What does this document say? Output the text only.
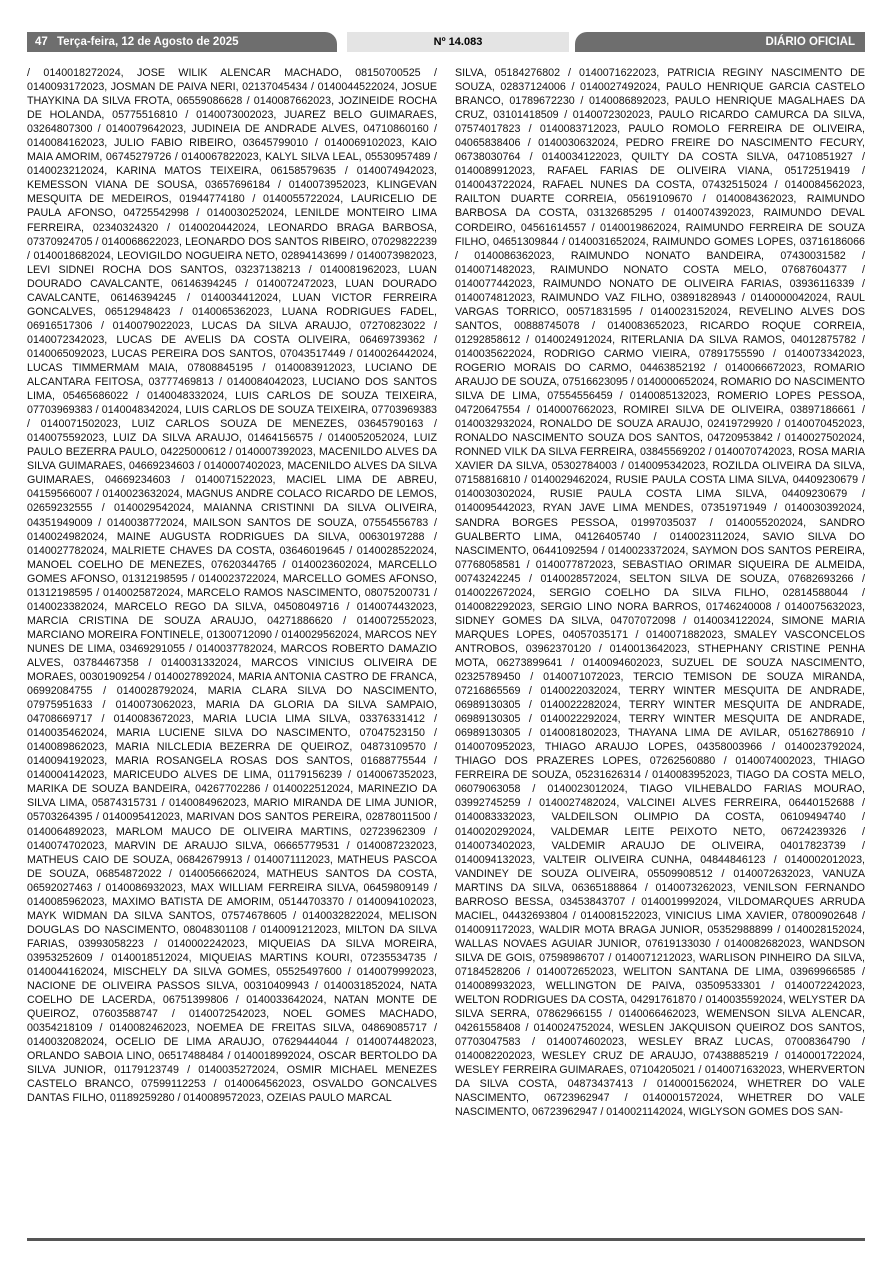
47 Terça-feira, 12 de Agosto de 2025	Nº 14.083	DIÁRIO OFICIAL
/ 0140018272024, JOSE WILIK ALENCAR MACHADO, 08150700525 / 0140093172023, JOSMAN DE PAIVA NERI, 02137045434 / 0140044522024, JOSUE THAYKINA DA SILVA FROTA, 06559086628 / 0140087662023, JOZINEIDE ROCHA DE HOLANDA, 05775516810 / 0140073002023, JUAREZ BELO GUIMARAES, 03264807300 / 0140079642023, JUDINEIA DE ANDRADE ALVES, 04710860160 / 0140084162023, JULIO FABIO RIBEIRO, 03645799010 / 0140069102023, KAIO MAIA AMORIM, 06745279726 / 0140067822023, KALYL SILVA LEAL, 05530957489 / 0140023212024, KARINA MATOS TEIXEIRA, 06158579635 / 0140074942023, KEMESSON VIANA DE SOUSA, 03657696184 / 0140073952023, KLINGEVAN MESQUITA DE MEDEIROS, 01944774180 / 0140055722024, LAURICELIO DE PAULA AFONSO, 04725542998 / 0140030252024, LENILDE MONTEIRO LIMA FERREIRA, 02340324320 / 0140020442024, LEONARDO BRAGA BARBOSA, 07370924705 / 0140068622023, LEONARDO DOS SANTOS RIBEIRO, 07029822239 / 0140018682024, LEOVIGILDO NOGUEIRA NETO, 02894143699 / 0140073982023, LEVI SIDNEI ROCHA DOS SANTOS, 03237138213 / 0140081962023, LUAN DOURADO CAVALCANTE, 06146394245 / 0140072472023, LUAN DOURADO CAVALCANTE, 06146394245 / 0140034412024, LUAN VICTOR FERREIRA GONCALVES, 06512948423 / 0140065362023, LUANA RODRIGUES FADEL, 06916517306 / 0140079022023, LUCAS DA SILVA ARAUJO, 07270823022 / 0140072342023, LUCAS DE AVELIS DA COSTA OLIVEIRA, 06469739362 / 0140065092023, LUCAS PEREIRA DOS SANTOS, 07043517449 / 0140026442024, LUCAS TIMMERMAM MAIA, 07808845195 / 0140083912023, LUCIANO DE ALCANTARA FEITOSA, 03777469813 / 0140084042023, LUCIANO DOS SANTOS LIMA, 05465686022 / 0140048332024, LUIS CARLOS DE SOUZA TEIXEIRA, 07703969383 / 0140048342024, LUIS CARLOS DE SOUZA TEIXEIRA, 07703969383 / 0140071502023, LUIZ CARLOS SOUZA DE MENEZES, 03645790163 / 0140075592023, LUIZ DA SILVA ARAUJO, 01464156575 / 0140052052024, LUIZ PAULO BEZERRA PAULO, 04225000612 / 0140007392023, MACENILDO ALVES DA SILVA GUIMARAES, 04669234603 / 0140007402023, MACENILDO ALVES DA SILVA GUIMARAES, 04669234603 / 0140071522023, MACIEL LIMA DE ABREU, 04159566007 / 0140023632024, MAGNUS ANDRE COLACO RICARDO DE LEMOS, 02659232555 / 0140029542024, MAIANNA CRISTINNI DA SILVA OLIVEIRA, 04351949009 / 0140038772024, MAILSON SANTOS DE SOUZA, 07554556783 / 0140024982024, MAINE AUGUSTA RODRIGUES DA SILVA, 00630197288 / 0140027782024, MALRIETE CHAVES DA COSTA, 03646019645 / 0140028522024, MANOEL COELHO DE MENEZES, 07620344765 / 0140023602024, MARCELLO GOMES AFONSO, 01312198595 / 0140023722024, MARCELLO GOMES AFONSO, 01312198595 / 0140025872024, MARCELO RAMOS NASCIMENTO, 08075200731 / 0140023382024, MARCELO REGO DA SILVA, 04508049716 / 0140074432023, MARCIA CRISTINA DE SOUZA ARAUJO, 04271886620 / 0140072552023, MARCIANO MOREIRA FONTINELE, 01300712090 / 0140029562024, MARCOS NEY NUNES DE LIMA, 03469291055 / 0140037782024, MARCOS ROBERTO DAMAZIO ALVES, 03784467358 / 0140031332024, MARCOS VINICIUS OLIVEIRA DE MORAES, 00301909254 / 0140027892024, MARIA ANTONIA CASTRO DE FRANCA, 06992084755 / 0140028792024, MARIA CLARA SILVA DO NASCIMENTO, 07975951633 / 0140073062023, MARIA DA GLORIA DA SILVA SAMPAIO, 04708669717 / 0140083672023, MARIA LUCIA LIMA SILVA, 03376331412 / 0140035462024, MARIA LUCIENE SILVA DO NASCIMENTO, 07047523150 / 0140089862023, MARIA NILCLEDIA BEZERRA DE QUEIROZ, 04873109570 / 0140094192023, MARIA ROSANGELA ROSAS DOS SANTOS, 01688775544 / 0140004142023, MARICEUDO ALVES DE LIMA, 01179156239 / 0140067352023, MARIKA DE SOUZA BANDEIRA, 04267702286 / 0140022512024, MARINEZIO DA SILVA LIMA, 05874315731 / 0140084962023, MARIO MIRANDA DE LIMA JUNIOR, 05703264395 / 0140095412023, MARIVAN DOS SANTOS PEREIRA, 02878011500 / 0140064892023, MARLOM MAUCO DE OLIVEIRA MARTINS, 02723962309 / 0140074702023, MARVIN DE ARAUJO SILVA, 06665779531 / 0140087232023, MATHEUS CAIO DE SOUZA, 06842679913 / 0140071112023, MATHEUS PASCOA DE SOUZA, 06854872022 / 0140056662024, MATHEUS SANTOS DA COSTA, 06592027463 / 0140086932023, MAX WILLIAM FERREIRA SILVA, 06459809149 / 0140085962023, MAXIMO BATISTA DE AMORIM, 05144703370 / 0140094102023, MAYK WIDMAN DA SILVA SANTOS, 07574678605 / 0140032822024, MELISON DOUGLAS DO NASCIMENTO, 08048301108 / 0140091212023, MILTON DA SILVA FARIAS, 03993058223 / 0140002242023, MIQUEIAS DA SILVA MOREIRA, 03953252609 / 0140018512024, MIQUEIAS MARTINS KOURI, 07235534735 / 0140044162024, MISCHELY DA SILVA GOMES, 05525497600 / 0140079992023, NACIONE DE OLIVEIRA PASSOS SILVA, 00310409943 / 0140031852024, NATA COELHO DE LACERDA, 06751399806 / 0140033642024, NATAN MONTE DE QUEIROZ, 07603588747 / 0140072542023, NOEL GOMES MACHADO, 00354218109 / 0140082462023, NOEMEA DE FREITAS SILVA, 04869085717 / 0140032082024, OCELIO DE LIMA ARAUJO, 07629444044 / 0140074482023, ORLANDO SABOIA LINO, 06517488484 / 0140018992024, OSCAR BERTOLDO DA SILVA JUNIOR, 01179123749 / 0140035272024, OSMIR MICHAEL MENEZES CASTELO BRANCO, 07599112253 / 0140064562023, OSVALDO GONCALVES DANTAS FILHO, 01189259280 / 0140089572023, OZEIAS PAULO MARCAL
SILVA, 05184276802 / 0140071622023, PATRICIA REGINY NASCIMENTO DE SOUZA, 02837124006 / 0140027492024, PAULO HENRIQUE GARCIA CASTELO BRANCO, 01789672230 / 0140086892023, PAULO HENRIQUE MAGALHAES DA CRUZ, 03101418509 / 0140072302023, PAULO RICARDO CAMURCA DA SILVA, 07574017823 / 0140083712023, PAULO ROMOLO FERREIRA DE OLIVEIRA, 04065838406 / 0140030632024, PEDRO FREIRE DO NASCIMENTO FECURY, 06738030764 / 0140034122023, QUILTY DA COSTA SILVA, 04710851927 / 0140089912023, RAFAEL FARIAS DE OLIVEIRA VIANA, 05172519419 / 0140043722024, RAFAEL NUNES DA COSTA, 07432515024 / 0140084562023, RAILTON DUARTE CORREIA, 05619109670 / 0140084362023, RAIMUNDO BARBOSA DA COSTA, 03132685295 / 0140074392023, RAIMUNDO DEVAL CORDEIRO, 04561614557 / 0140019862024, RAIMUNDO FERREIRA DE SOUZA FILHO, 04651309844 / 0140031652024, RAIMUNDO GOMES LOPES, 03716186066 / 0140086362023, RAIMUNDO NONATO BANDEIRA, 07430031582 / 0140071482023, RAIMUNDO NONATO COSTA MELO, 07687604377 / 0140077442023, RAIMUNDO NONATO DE OLIVEIRA FARIAS, 03936116339 / 0140074812023, RAIMUNDO VAZ FILHO, 03891828943 / 0140000042024, RAUL VARGAS TORRICO, 00571831595 / 0140023152024, REVELINO ALVES DOS SANTOS, 00888745078 / 0140083652023, RICARDO ROQUE CORREIA, 01292858612 / 0140024912024, RITERLANIA DA SILVA RAMOS, 04012875782 / 0140035622024, RODRIGO CARMO VIEIRA, 07891755590 / 0140073342023, ROGERIO MORAIS DO CARMO, 04463852192 / 0140066672023, ROMARIO ARAUJO DE SOUZA, 07516623095 / 0140000652024, ROMARIO DO NASCIMENTO SILVA DE LIMA, 07554556459 / 0140085132023, ROMERIO LOPES PESSOA, 04720647554 / 0140007662023, ROMIREI SILVA DE OLIVEIRA, 03897186661 / 0140032932024, RONALDO DE SOUZA ARAUJO, 02419729920 / 0140070452023, RONALDO NASCIMENTO SOUZA DOS SANTOS, 04720953842 / 0140027502024, RONNED VILK DA SILVA FERREIRA, 03845569202 / 0140070742023, ROSA MARIA XAVIER DA SILVA, 05302784003 / 0140095342023, ROZILDA OLIVEIRA DA SILVA, 07158816810 / 0140029462024, RUSIE PAULA COSTA LIMA SILVA, 04409230679 / 0140030302024, RUSIE PAULA COSTA LIMA SILVA, 04409230679 / 0140095442023, RYAN JAVE LIMA MENDES, 07351971949 / 0140030392024, SANDRA BORGES PESSOA, 01997035037 / 0140055202024, SANDRO GUALBERTO LIMA, 04126405740 / 0140023112024, SAVIO SILVA DO NASCIMENTO, 06441092594 / 0140023372024, SAYMON DOS SANTOS PEREIRA, 07768058581 / 0140077872023, SEBASTIAO ORIMAR SIQUEIRA DE ALMEIDA, 00743242245 / 0140028572024, SELTON SILVA DE SOUZA, 07682693266 / 0140022672024, SERGIO COELHO DA SILVA FILHO, 02814588044 / 0140082292023, SERGIO LINO NORA BARROS, 01746240008 / 0140075632023, SIDNEY GOMES DA SILVA, 04707072098 / 0140034122024, SIMONE MARIA MARQUES LOPES, 04057035171 / 0140071882023, SMALEY VASCONCELOS ANTROBOS, 03962370120 / 0140013642023, STHEPHANY CRISTINE PENHA MOTA, 06273899641 / 0140094602023, SUZUEL DE SOUZA NASCIMENTO, 02325789450 / 0140071072023, TERCIO TEMISON DE SOUZA MIRANDA, 07216865569 / 0140022032024, TERRY WINTER MESQUITA DE ANDRADE, 06989130305 / 0140022282024, TERRY WINTER MESQUITA DE ANDRADE, 06989130305 / 0140022292024, TERRY WINTER MESQUITA DE ANDRADE, 06989130305 / 0140081802023, THAYANA LIMA DE AVILAR, 05162786910 / 0140070952023, THIAGO ARAUJO LOPES, 04358003966 / 0140023792024, THIAGO DOS PRAZERES LOPES, 07262560880 / 0140074002023, THIAGO FERREIRA DE SOUZA, 05231626314 / 0140083952023, TIAGO DA COSTA MELO, 06079063058 / 0140023012024, TIAGO VILHEBALDO FARIAS MOURAO, 03992745259 / 0140027482024, VALCINEI ALVES FERREIRA, 06440152688 / 0140083332023, VALDEILSON OLIMPIO DA COSTA, 06109494740 / 0140020292024, VALDEMAR LEITE PEIXOTO NETO, 06724239326 / 0140073402023, VALDEMIR ARAUJO DE OLIVEIRA, 04017823739 / 0140094132023, VALTEIR OLIVEIRA CUNHA, 04844846123 / 0140002012023, VANDINEY DE SOUZA OLIVEIRA, 05509908512 / 0140072632023, VANUZA MARTINS DA SILVA, 06365188864 / 0140073262023, VENILSON FERNANDO BARROSO BESSA, 03453843707 / 0140019992024, VILDOMARQUES ARRUDA MACIEL, 04432693804 / 0140081522023, VINICIUS LIMA XAVIER, 07800902648 / 0140091172023, WALDIR MOTA BRAGA JUNIOR, 05352988899 / 0140028152024, WALLAS NOVAES AGUIAR JUNIOR, 07619133030 / 0140082682023, WANDSON SILVA DE GOIS, 07598986707 / 0140071212023, WARLISON PINHEIRO DA SILVA, 07184528206 / 0140072652023, WELITON SANTANA DE LIMA, 03969966585 / 0140089932023, WELLINGTON DE PAIVA, 03509533301 / 0140072242023, WELTON RODRIGUES DA COSTA, 04291761870 / 0140035592024, WELYSTER DA SILVA SERRA, 07862966155 / 0140066462023, WEMENSON SILVA ALENCAR, 04261558408 / 0140024752024, WESLEN JAKQUISON QUEIROZ DOS SANTOS, 07703047583 / 0140074602023, WESLEY BRAZ LUCAS, 07008364790 / 0140082202023, WESLEY CRUZ DE ARAUJO, 07438885219 / 0140001722024, WESLEY FERREIRA GUIMARAES, 07104205021 / 0140071632023, WHERVERTON DA SILVA COSTA, 04873437413 / 0140001562024, WHETRER DO VALE NASCIMENTO, 06723962947 / 0140001572024, WHETRER DO VALE NASCIMENTO, 06723962947 / 0140021142024, WIGLYSON GOMES DOS SAN-
